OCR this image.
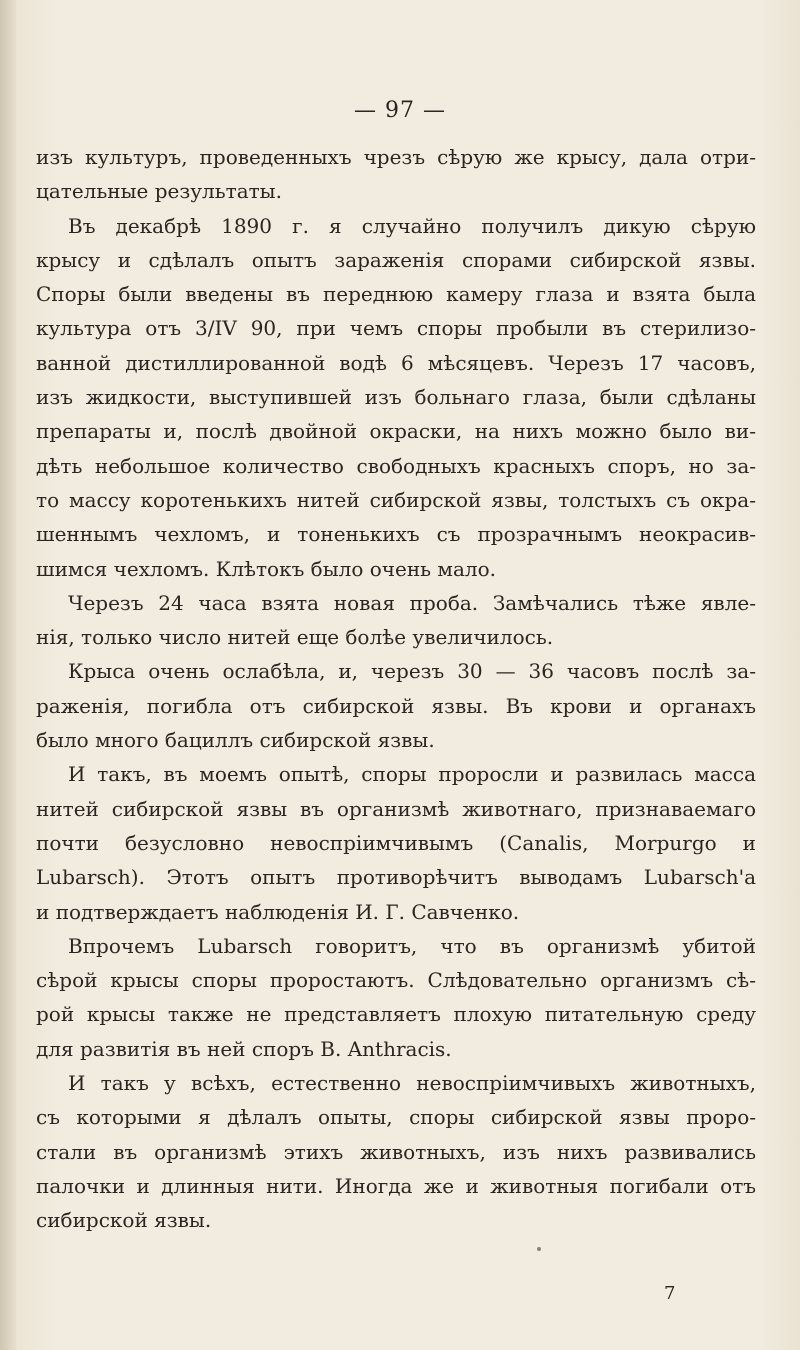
— 97 —
изъ культуръ, проведенныхъ чрезъ сѣрую же крысу, дала отри-
цательные результаты.
Въ декабрѣ 1890 г. я случайно получилъ дикую сѣрую
крысу и сдѣлалъ опытъ зараженія спорами сибирской язвы.
Споры были введены въ переднюю камеру глаза и взята была
культура отъ 3/IV 90, при чемъ споры пробыли въ стерилизо-
ванной дистиллированной водѣ 6 мѣсяцевъ. Черезъ 17 часовъ,
изъ жидкости, выступившей изъ больнаго глаза, были сдѣланы
препараты и, послѣ двойной окраски, на нихъ можно было ви-
дѣть небольшое количество свободныхъ красныхъ споръ, но за-
то массу коротенькихъ нитей сибирской язвы, толстыхъ съ окра-
шеннымъ чехломъ, и тоненькихъ съ прозрачнымъ неокрасив-
шимся чехломъ. Клѣтокъ было очень мало.
Черезъ 24 часа взята новая проба. Замѣчались тѣже явле-
нія, только число нитей еще болѣе увеличилось.
Крыса очень ослабѣла, и, черезъ 30 — 36 часовъ послѣ за-
раженія, погибла отъ сибирской язвы. Въ крови и органахъ
было много бациллъ сибирской язвы.
И такъ, въ моемъ опытѣ, споры проросли и развилась масса
нитей сибирской язвы въ организмѣ животнаго, признаваемаго
почти безусловно невоспріимчивымъ (Canalis, Morpurgo и
Lubarsch). Этотъ опытъ противорѣчитъ выводамъ Lubarsch'а
и подтверждаетъ наблюденія И. Г. Савченко.
Впрочемъ Lubarsch говоритъ, что въ организмѣ убитой
сѣрой крысы споры проростаютъ. Слѣдовательно организмъ сѣ-
рой крысы также не представляетъ плохую питательную среду
для развитія въ ней споръ B. Anthracis.
И такъ у всѣхъ, естественно невоспріимчивыхъ животныхъ,
съ которыми я дѣлалъ опыты, споры сибирской язвы проро-
стали въ организмѣ этихъ животныхъ, изъ нихъ развивались
палочки и длинныя нити. Иногда же и животныя погибали отъ
сибирской язвы.
7
